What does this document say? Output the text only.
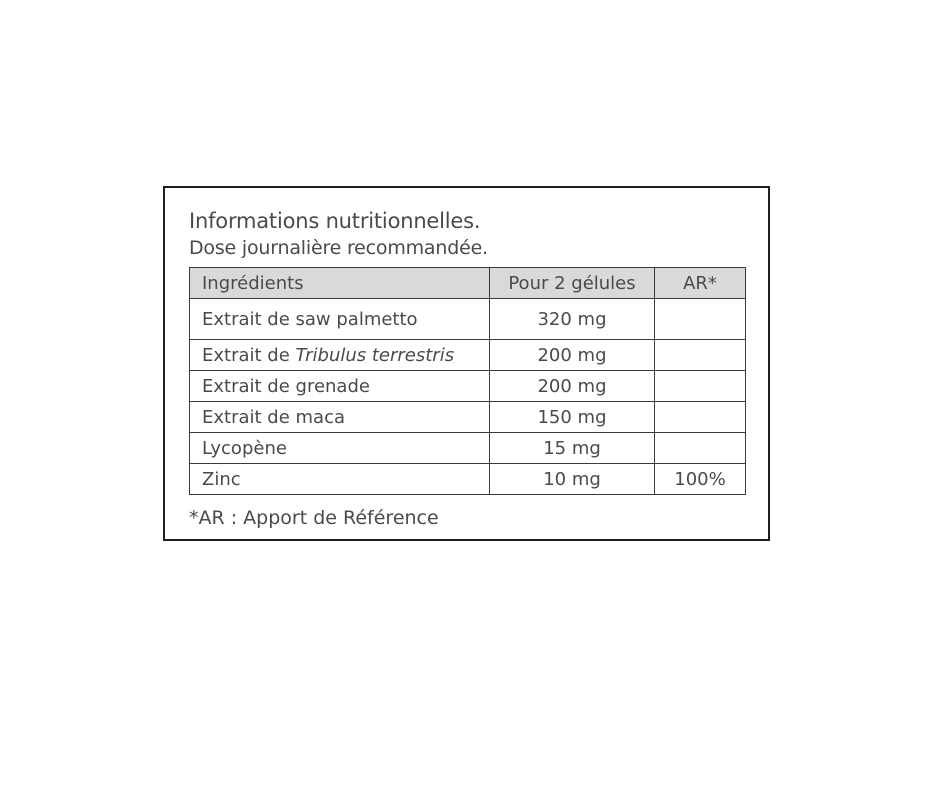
Informations nutritionnelles.
Dose journalière recommandée.
Ingrédients	Pour 2 gélules	AR*
Extrait de saw palmetto	320 mg	
Extrait de Tribulus terrestris	200 mg	
Extrait de grenade	200 mg	
Extrait de maca	150 mg	
Lycopène	15 mg	
Zinc	10 mg	100%
*AR : Apport de Référence
